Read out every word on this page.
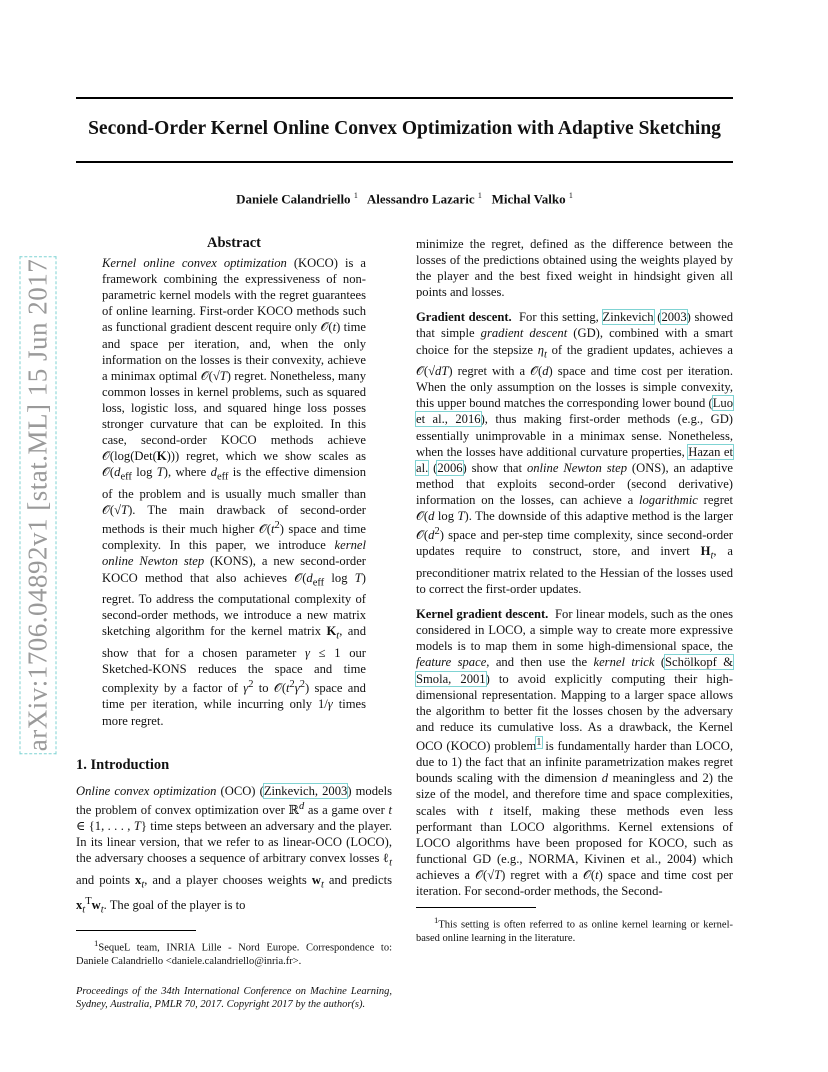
arXiv:1706.04892v1 [stat.ML] 15 Jun 2017
Second-Order Kernel Online Convex Optimization with Adaptive Sketching
Daniele Calandriello $^1$ Alessandro Lazaric $^1$ Michal Valko $^1$
Abstract

Kernel online convex optimization (KOCO) is a framework combining the expressiveness of non-parametric kernel models with the regret guarantees of online learning. First-order KOCO methods such as functional gradient descent require only 𝒪(t) time and space per iteration, and, when the only information on the losses is their convexity, achieve a minimax optimal 𝒪(√T) regret. Nonetheless, many common losses in kernel problems, such as squared loss, logistic loss, and squared hinge loss posses stronger curvature that can be exploited. In this case, second-order KOCO methods achieve 𝒪(log(Det(K))) regret, which we show scales as $𝒪(d_{eff}$ log T), where $d_{eff}$ is the effective dimension of the problem and is usually much smaller than 𝒪(√T). The main drawback of second-order methods is their much higher $𝒪(t^2)$ space and time complexity. In this paper, we introduce kernel online Newton step (KONS), a new second-order KOCO method that also achieves $𝒪(d_{eff}$ log T) regret. To address the computational complexity of second-order methods, we introduce a new matrix sketching algorithm for the kernel matrix $K_t$, and show that for a chosen parameter γ ≤ 1 our Sketched-KONS reduces the space and time complexity by a factor of $\gamma^2$ to $𝒪(t^2\gamma^2)$ space and time per iteration, while incurring only 1/γ times more regret.

1. Introduction

Online convex optimization (OCO) (Zinkevich, 2003) models the problem of convex optimization over ℝ$^d$ as a game over t ∈ {1, . . . , T} time steps between an adversary and the player. In its linear version, that we refer to as linear-OCO (LOCO), the adversary chooses a sequence of arbitrary convex losses ℓ$_t$ and points $x_t$, and a player chooses weights $w_t$ and predicts $x_t^Tw_t$. The goal of the player is to

$^1$SequeL team, INRIA Lille - Nord Europe. Correspondence to: Daniele Calandriello <daniele.calandriello@inria.fr>.

Proceedings of the 34th International Conference on Machine Learning, Sydney, Australia, PMLR 70, 2017. Copyright 2017 by the author(s).

minimize the regret, defined as the difference between the losses of the predictions obtained using the weights played by the player and the best fixed weight in hindsight given all points and losses.

Gradient descent.  For this setting, Zinkevich (2003) showed that simple gradient descent (GD), combined with a smart choice for the stepsize $\eta_t$ of the gradient updates, achieves a 𝒪(√dT) regret with a 𝒪(d) space and time cost per iteration. When the only assumption on the losses is simple convexity, this upper bound matches the corresponding lower bound (Luo et al., 2016), thus making first-order methods (e.g., GD) essentially unimprovable in a minimax sense. Nonetheless, when the losses have additional curvature properties, Hazan et al. (2006) show that online Newton step (ONS), an adaptive method that exploits second-order (second derivative) information on the losses, can achieve a logarithmic regret 𝒪(d log T). The downside of this adaptive method is the larger $𝒪(d^2)$ space and per-step time complexity, since second-order updates require to construct, store, and invert $H_t$, a preconditioner matrix related to the Hessian of the losses used to correct the first-order updates.

Kernel gradient descent.  For linear models, such as the ones considered in LOCO, a simple way to create more expressive models is to map them in some high-dimensional space, the feature space, and then use the kernel trick (Schölkopf & Smola, 2001) to avoid explicitly computing their high-dimensional representation. Mapping to a larger space allows the algorithm to better fit the losses chosen by the adversary and reduce its cumulative loss. As a drawback, the Kernel OCO (KOCO) problem$^1$ is fundamentally harder than LOCO, due to 1) the fact that an infinite parametrization makes regret bounds scaling with the dimension d meaningless and 2) the size of the model, and therefore time and space complexities, scales with t itself, making these methods even less performant than LOCO algorithms. Kernel extensions of LOCO algorithms have been proposed for KOCO, such as functional GD (e.g., NORMA, Kivinen et al., 2004) which achieves a 𝒪(√T) regret with a 𝒪(t) space and time cost per iteration. For second-order methods, the Second-

$^1$This setting is often referred to as online kernel learning or kernel-based online learning in the literature.
